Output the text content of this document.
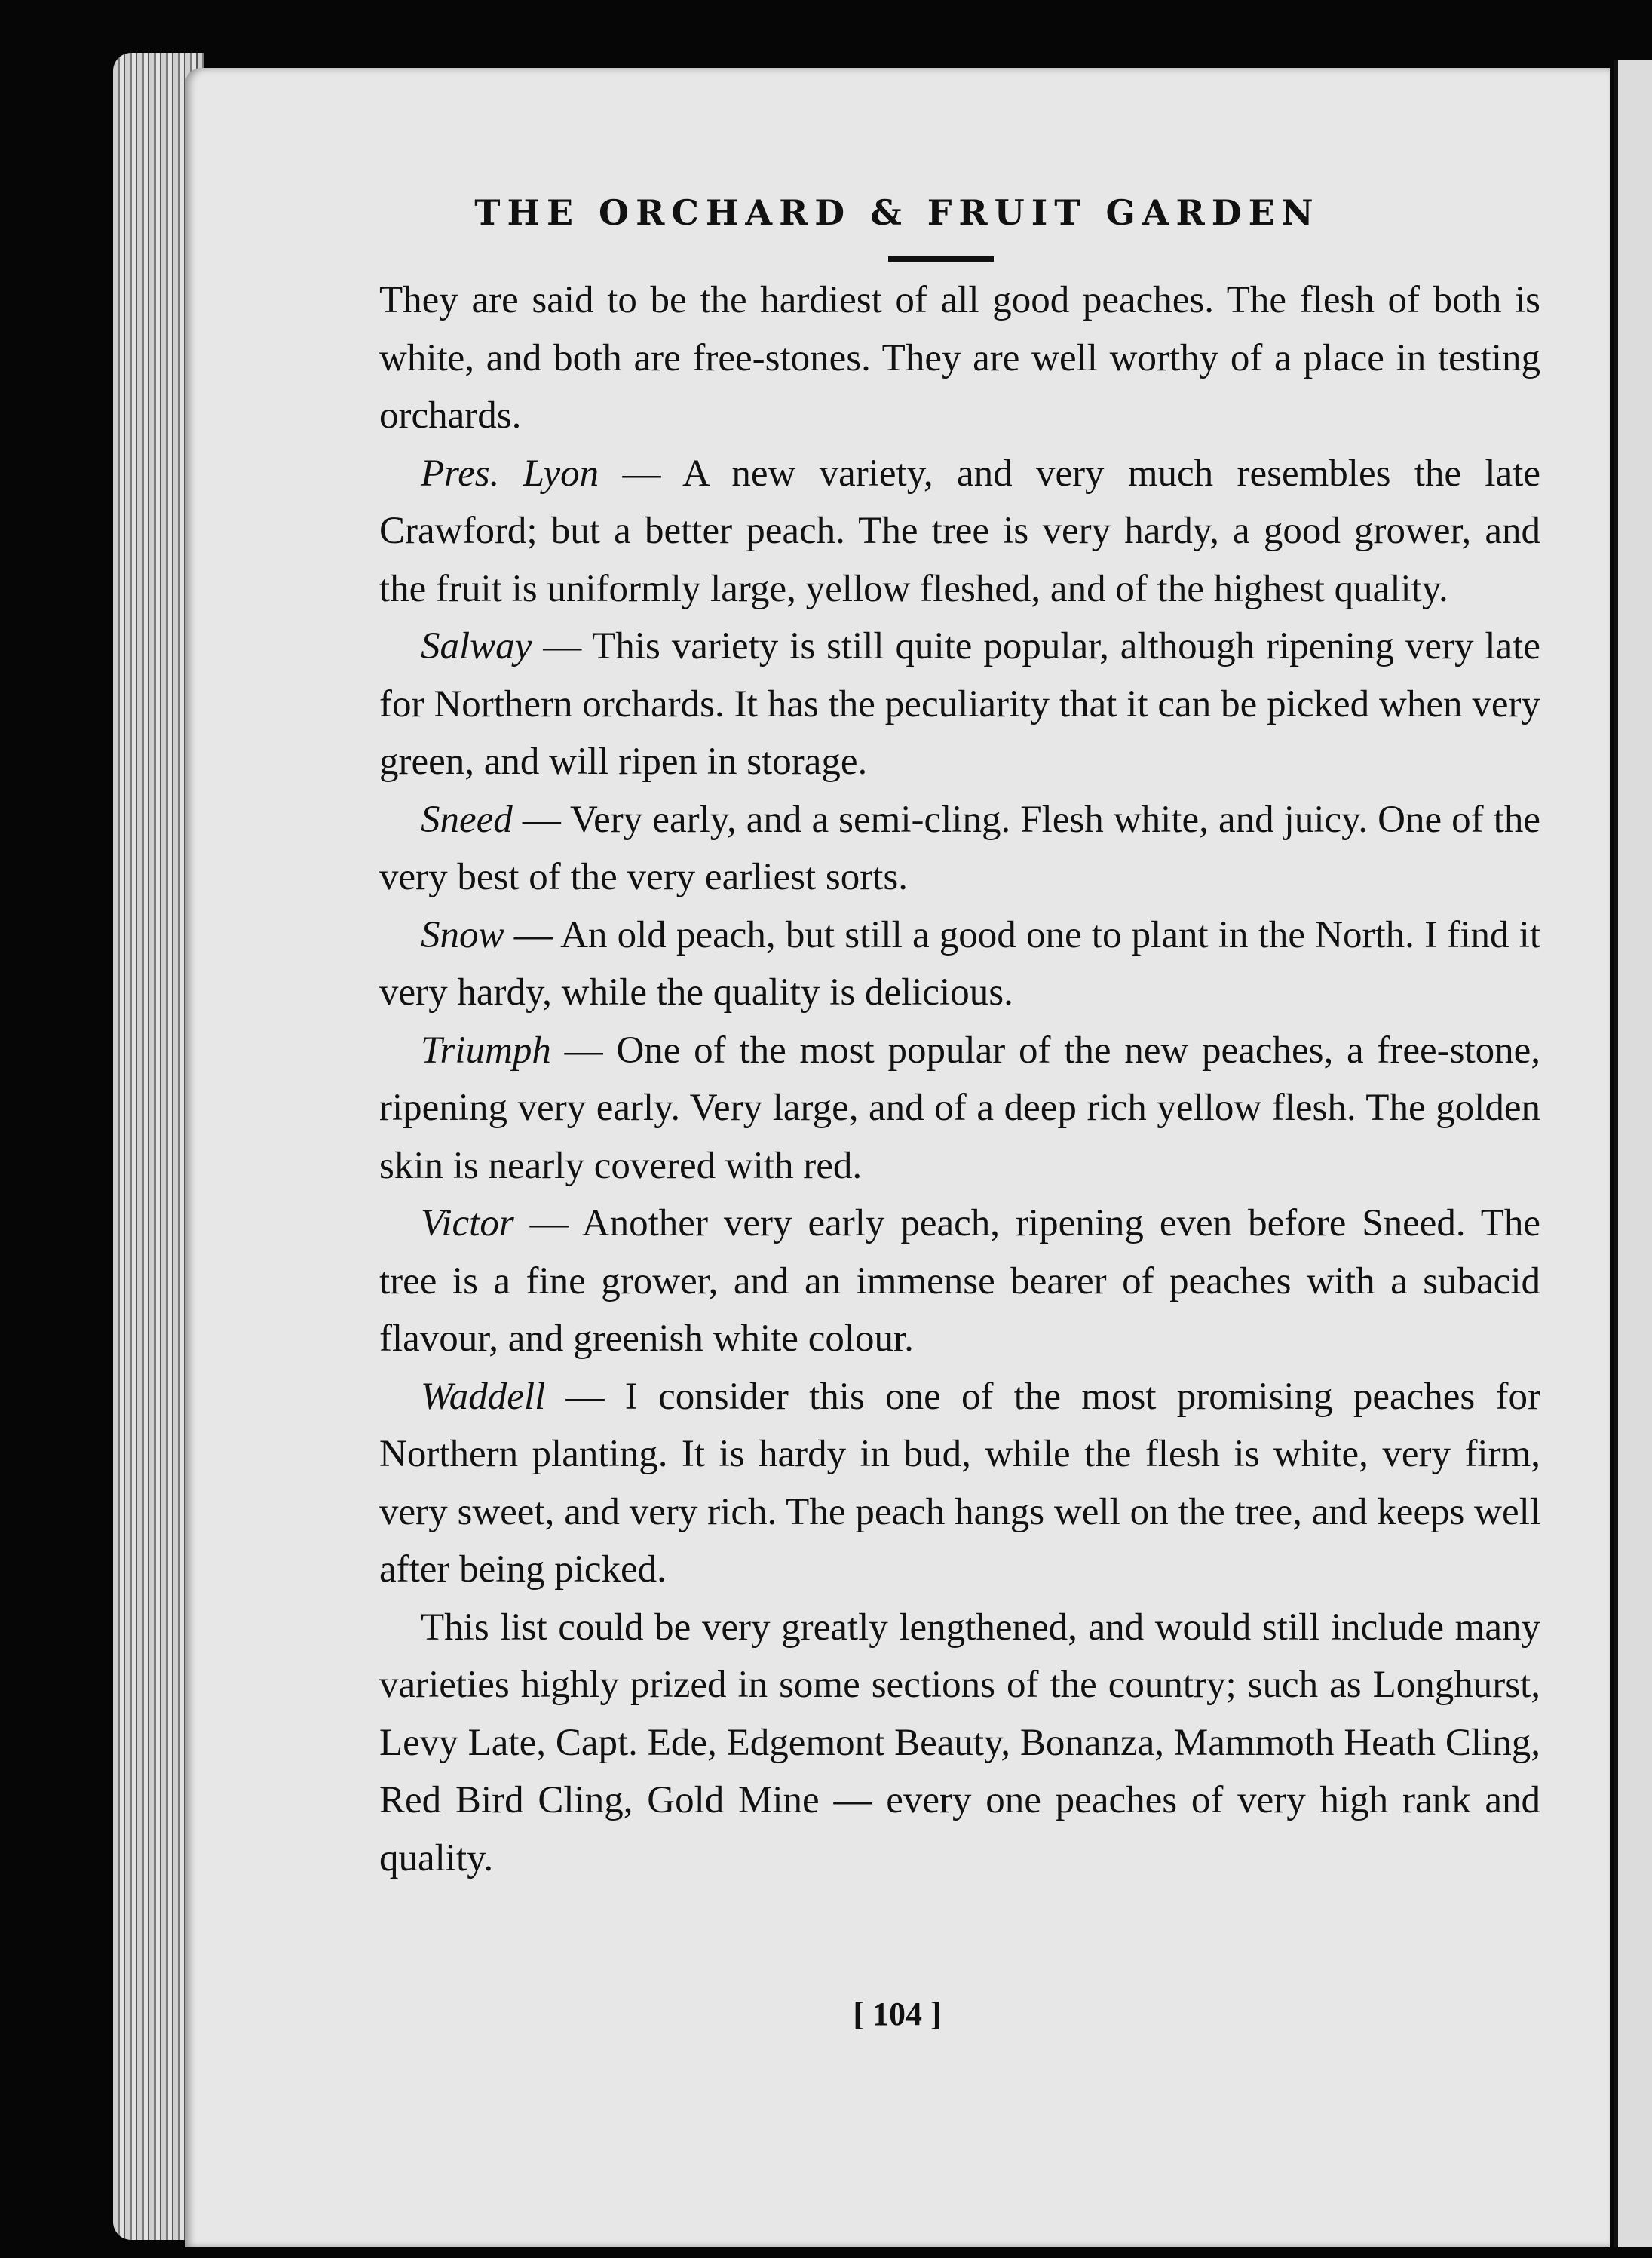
THE ORCHARD & FRUIT GARDEN

They are said to be the hardiest of all good peaches. The flesh of both is white, and both are free-stones. They are well worthy of a place in testing orchards.

Pres. Lyon — A new variety, and very much resembles the late Crawford; but a better peach. The tree is very hardy, a good grower, and the fruit is uniformly large, yellow fleshed, and of the highest quality.

Salway — This variety is still quite popular, although ripening very late for Northern orchards. It has the peculiarity that it can be picked when very green, and will ripen in storage.

Sneed — Very early, and a semi-cling. Flesh white, and juicy. One of the very best of the very earliest sorts.

Snow — An old peach, but still a good one to plant in the North. I find it very hardy, while the quality is delicious.

Triumph — One of the most popular of the new peaches, a free-stone, ripening very early. Very large, and of a deep rich yellow flesh. The golden skin is nearly covered with red.

Victor — Another very early peach, ripening even before Sneed. The tree is a fine grower, and an immense bearer of peaches with a subacid flavour, and greenish white colour.

Waddell — I consider this one of the most promising peaches for Northern planting. It is hardy in bud, while the flesh is white, very firm, very sweet, and very rich. The peach hangs well on the tree, and keeps well after being picked.

This list could be very greatly lengthened, and would still include many varieties highly prized in some sections of the country; such as Longhurst, Levy Late, Capt. Ede, Edgemont Beauty, Bonanza, Mammoth Heath Cling, Red Bird Cling, Gold Mine — every one peaches of very high rank and quality.

[ 104 ]
